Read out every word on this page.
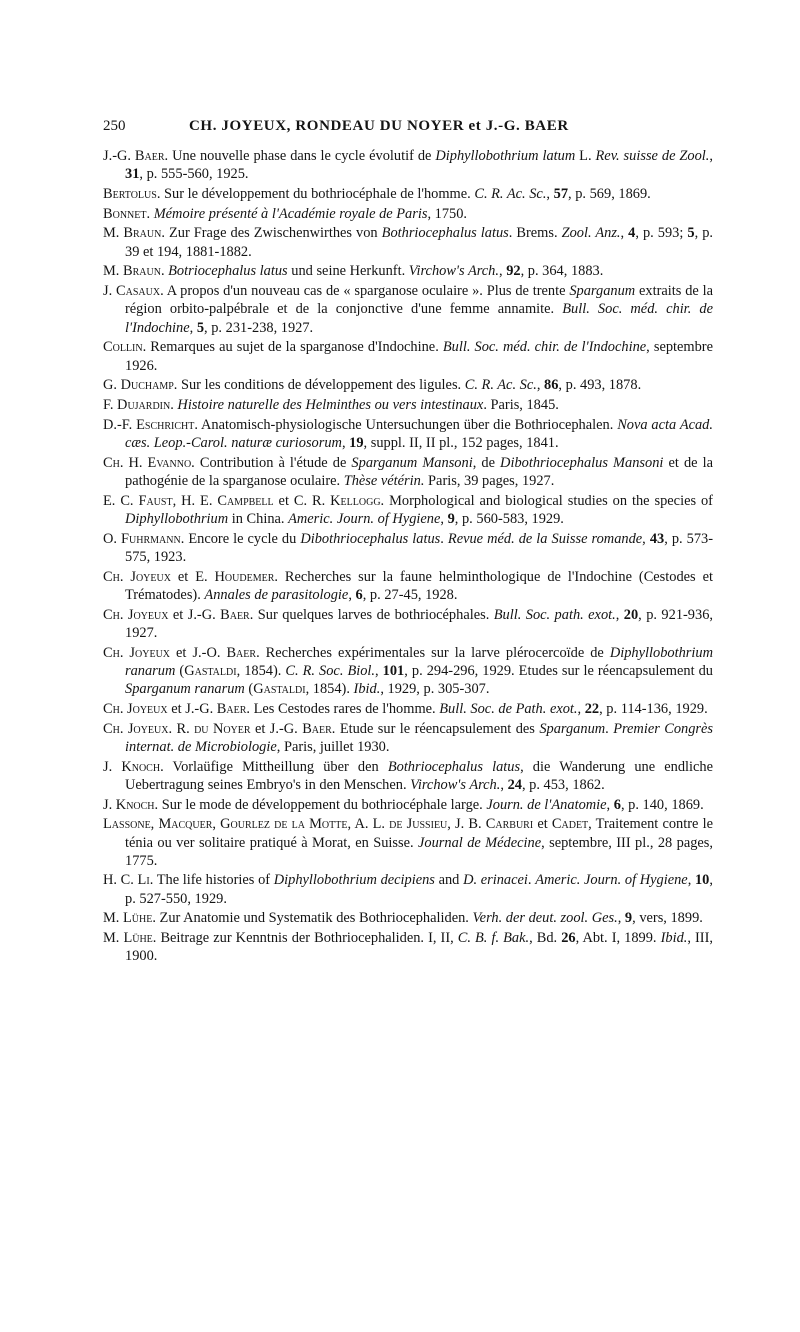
250	CH. JOYEUX, RONDEAU DU NOYER et J.-G. BAER

J.-G. Baer. Une nouvelle phase dans le cycle évolutif de Diphyllobothrium latum L. Rev. suisse de Zool., 31, p. 555-560, 1925.

Bertolus. Sur le développement du bothriocéphale de l'homme. C. R. Ac. Sc., 57, p. 569, 1869.

Bonnet. Mémoire présenté à l'Académie royale de Paris, 1750.

M. Braun. Zur Frage des Zwischenwirthes von Bothriocephalus latus. Brems. Zool. Anz., 4, p. 593; 5, p. 39 et 194, 1881-1882.

M. Braun. Botriocephalus latus und seine Herkunft. Virchow's Arch., 92, p. 364, 1883.

J. Casaux. A propos d'un nouveau cas de « sparganose oculaire ». Plus de trente Sparganum extraits de la région orbito-palpébrale et de la conjonctive d'une femme annamite. Bull. Soc. méd. chir. de l'Indochine, 5, p. 231-238, 1927.

Collin. Remarques au sujet de la sparganose d'Indochine. Bull. Soc. méd. chir. de l'Indochine, septembre 1926.

G. Duchamp. Sur les conditions de développement des ligules. C. R. Ac. Sc., 86, p. 493, 1878.

F. Dujardin. Histoire naturelle des Helminthes ou vers intestinaux. Paris, 1845.

D.-F. Eschricht. Anatomisch-physiologische Untersuchungen über die Bothriocephalen. Nova acta Acad. cæs. Leop.-Carol. naturæ curiosorum, 19, suppl. II, II pl., 152 pages, 1841.

Ch. H. Evanno. Contribution à l'étude de Sparganum Mansoni, de Dibothriocephalus Mansoni et de la pathogénie de la sparganose oculaire. Thèse vétérin. Paris, 39 pages, 1927.

E. C. Faust, H. E. Campbell et C. R. Kellogg. Morphological and biological studies on the species of Diphyllobothrium in China. Americ. Journ. of Hygiene, 9, p. 560-583, 1929.

O. Fuhrmann. Encore le cycle du Dibothriocephalus latus. Revue méd. de la Suisse romande, 43, p. 573-575, 1923.

Ch. Joyeux et E. Houdemer. Recherches sur la faune helminthologique de l'Indochine (Cestodes et Trématodes). Annales de parasitologie, 6, p. 27-45, 1928.

Ch. Joyeux et J.-G. Baer. Sur quelques larves de bothriocéphales. Bull. Soc. path. exot., 20, p. 921-936, 1927.

Ch. Joyeux et J.-O. Baer. Recherches expérimentales sur la larve plérocercoïde de Diphyllobothrium ranarum (Gastaldi, 1854). C. R. Soc. Biol., 101, p. 294-296, 1929. Etudes sur le réencapsulement du Sparganum ranarum (Gastaldi, 1854). Ibid., 1929, p. 305-307.

Ch. Joyeux et J.-G. Baer. Les Cestodes rares de l'homme. Bull. Soc. de Path. exot., 22, p. 114-136, 1929.

Ch. Joyeux. R. du Noyer et J.-G. Baer. Etude sur le réencapsulement des Sparganum. Premier Congrès internat. de Microbiologie, Paris, juillet 1930.

J. Knoch. Vorlaüfige Mittheillung über den Bothriocephalus latus, die Wanderung une endliche Uebertragung seines Embryo's in den Menschen. Virchow's Arch., 24, p. 453, 1862.

J. Knoch. Sur le mode de développement du bothriocéphale large. Journ. de l'Anatomie, 6, p. 140, 1869.

Lassone, Macquer, Gourlez de la Motte, A. L. de Jussieu, J. B. Carburi et Cadet, Traitement contre le ténia ou ver solitaire pratiqué à Morat, en Suisse. Journal de Médecine, septembre, III pl., 28 pages, 1775.

H. C. Li. The life histories of Diphyllobothrium decipiens and D. erinacei. Americ. Journ. of Hygiene, 10, p. 527-550, 1929.

M. Lühe. Zur Anatomie und Systematik des Bothriocephaliden. Verh. der deut. zool. Ges., 9, vers, 1899.

M. Lühe. Beitrage zur Kenntnis der Bothriocephaliden. I, II, C. B. f. Bak., Bd. 26, Abt. I, 1899. Ibid., III, 1900.
